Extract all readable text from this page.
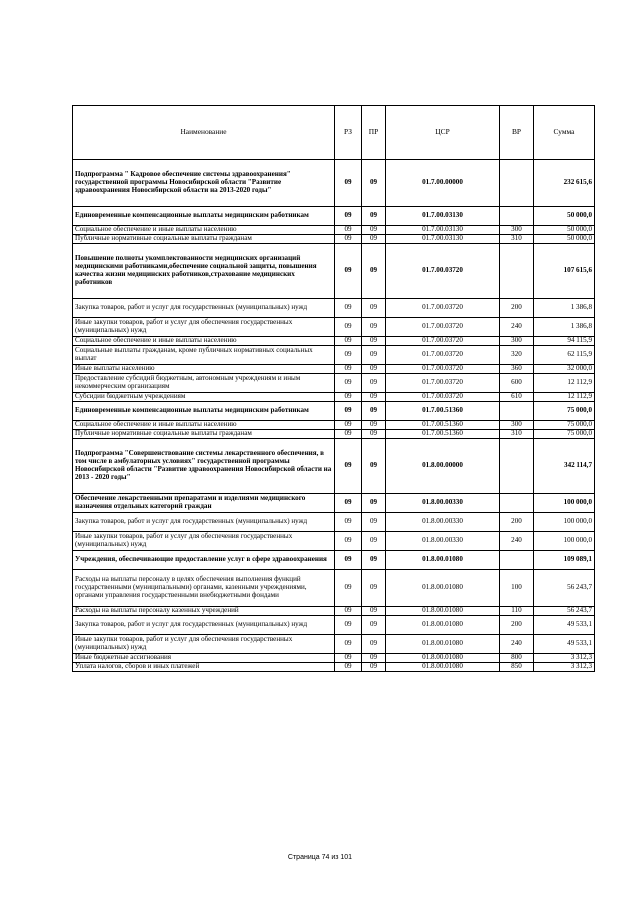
Наименование	РЗ	ПР	ЦСР	ВР	Сумма
Подпрограмма " Кадровое обеспечение системы здравоохранения" государственной программы Новосибирской области "Развитие здравоохранения Новосибирской области на 2013-2020 годы"	09	09	01.7.00.00000		232 615,6
Единовременные компенсационные выплаты медицинским работникам	09	09	01.7.00.03130		50 000,0
Социальное обеспечение и иные выплаты населению	09	09	01.7.00.03130	300	50 000,0
Публичные нормативные социальные выплаты гражданам	09	09	01.7.00.03130	310	50 000,0
Повышение полноты укомплектованности медицинских организаций медицинскими работниками,обеспечение социальной защиты, повышения качества жизни медицинских работников,страхование медицинских работников	09	09	01.7.00.03720		107 615,6
Закупка товаров, работ и услуг для государственных (муниципальных) нужд	09	09	01.7.00.03720	200	1 386,8
Иные закупки товаров, работ и услуг для обеспечения государственных (муниципальных) нужд	09	09	01.7.00.03720	240	1 386,8
Социальное обеспечение и иные выплаты населению	09	09	01.7.00.03720	300	94 115,9
Социальные выплаты гражданам, кроме публичных нормативных социальных выплат	09	09	01.7.00.03720	320	62 115,9
Иные выплаты населению	09	09	01.7.00.03720	360	32 000,0
Предоставление субсидий бюджетным, автономным учреждениям и иным некоммерческим организациям	09	09	01.7.00.03720	600	12 112,9
Субсидии бюджетным учреждениям	09	09	01.7.00.03720	610	12 112,9
Единовременные компенсационные выплаты медицинским работникам	09	09	01.7.00.51360		75 000,0
Социальное обеспечение и иные выплаты населению	09	09	01.7.00.51360	300	75 000,0
Публичные нормативные социальные выплаты гражданам	09	09	01.7.00.51360	310	75 000,0
Подпрограмма "Совершенствование системы лекарственного обеспечения, в том числе в амбулаторных условиях" государственной программы Новосибирской области "Развитие здравоохранения Новосибирской области на 2013 - 2020 годы"	09	09	01.8.00.00000		342 114,7
Обеспечение лекарственными препаратами и изделиями медицинского назначения отдельных категорий граждан	09	09	01.8.00.00330		100 000,0
Закупка товаров, работ и услуг для государственных (муниципальных) нужд	09	09	01.8.00.00330	200	100 000,0
Иные закупки товаров, работ и услуг для обеспечения государственных (муниципальных) нужд	09	09	01.8.00.00330	240	100 000,0
Учреждения, обеспечивающие предоставление услуг в сфере здравоохранения	09	09	01.8.00.01080		109 089,1
Расходы на выплаты персоналу в целях обеспечения выполнения функций государственными (муниципальными) органами, казенными учреждениями, органами управления государственными внебюджетными фондами	09	09	01.8.00.01080	100	56 243,7
Расходы на выплаты персоналу казенных учреждений	09	09	01.8.00.01080	110	56 243,7
Закупка товаров, работ и услуг для государственных (муниципальных) нужд	09	09	01.8.00.01080	200	49 533,1
Иные закупки товаров, работ и услуг для обеспечения государственных (муниципальных) нужд	09	09	01.8.00.01080	240	49 533,1
Иные бюджетные ассигнования	09	09	01.8.00.01080	800	3 312,3
Уплата налогов, сборов и иных платежей	09	09	01.8.00.01080	850	3 312,3
Страница 74 из 101
